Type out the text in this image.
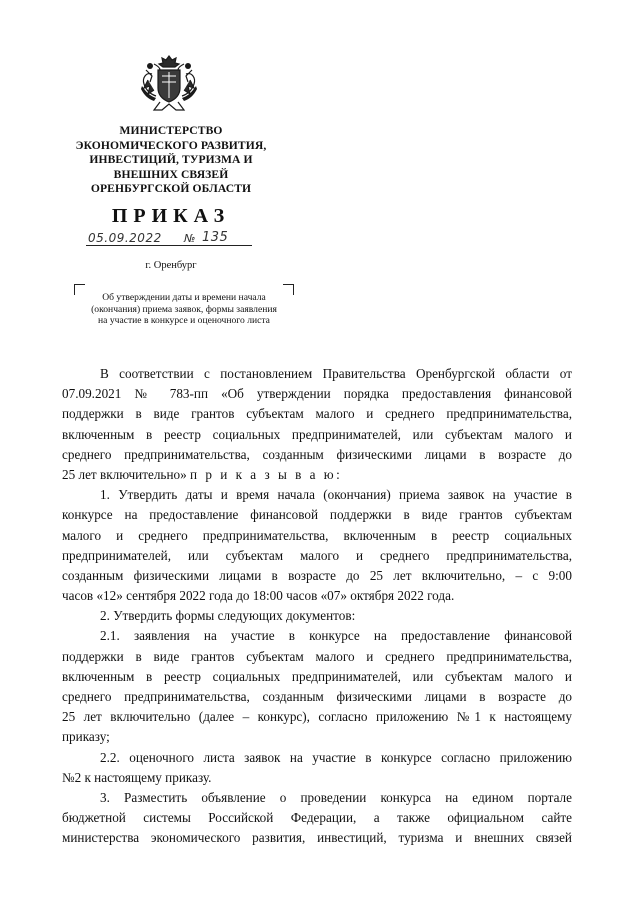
МИНИСТЕРСТВО
ЭКОНОМИЧЕСКОГО РАЗВИТИЯ,
ИНВЕСТИЦИЙ, ТУРИЗМА И
ВНЕШНИХ СВЯЗЕЙ
ОРЕНБУРГСКОЙ ОБЛАСТИ
ПРИКАЗ
05.09.2022 № 135
г. Оренбург
Об утверждении даты и времени начала
(окончания) приема заявок, формы заявления
на участие в конкурсе и оценочного листа
В соответствии с постановлением Правительства Оренбургской области от
07.09.2021 № 783-пп «Об утверждении порядка предоставления финансовой
поддержки в виде грантов субъектам малого и среднего предпринимательства,
включенным в реестр социальных предпринимателей, или субъектам малого и
среднего предпринимательства, созданным физическими лицами в возрасте до
25 лет включительно» п р и к а з ы в а ю:
1. Утвердить даты и время начала (окончания) приема заявок на участие в
конкурсе на предоставление финансовой поддержки в виде грантов субъектам
малого и среднего предпринимательства, включенным в реестр социальных
предпринимателей, или субъектам малого и среднего предпринимательства,
созданным физическими лицами в возрасте до 25 лет включительно, – с 9:00
часов «12» сентября 2022 года до 18:00 часов «07» октября 2022 года.
2. Утвердить формы следующих документов:
2.1. заявления на участие в конкурсе на предоставление финансовой
поддержки в виде грантов субъектам малого и среднего предпринимательства,
включенным в реестр социальных предпринимателей, или субъектам малого и
среднего предпринимательства, созданным физическими лицами в возрасте до
25 лет включительно (далее – конкурс), согласно приложению №1 к настоящему
приказу;
2.2. оценочного листа заявок на участие в конкурсе согласно приложению
№2 к настоящему приказу.
3. Разместить объявление о проведении конкурса на едином портале
бюджетной системы Российской Федерации, а также официальном сайте
министерства экономического развития, инвестиций, туризма и внешних связей
